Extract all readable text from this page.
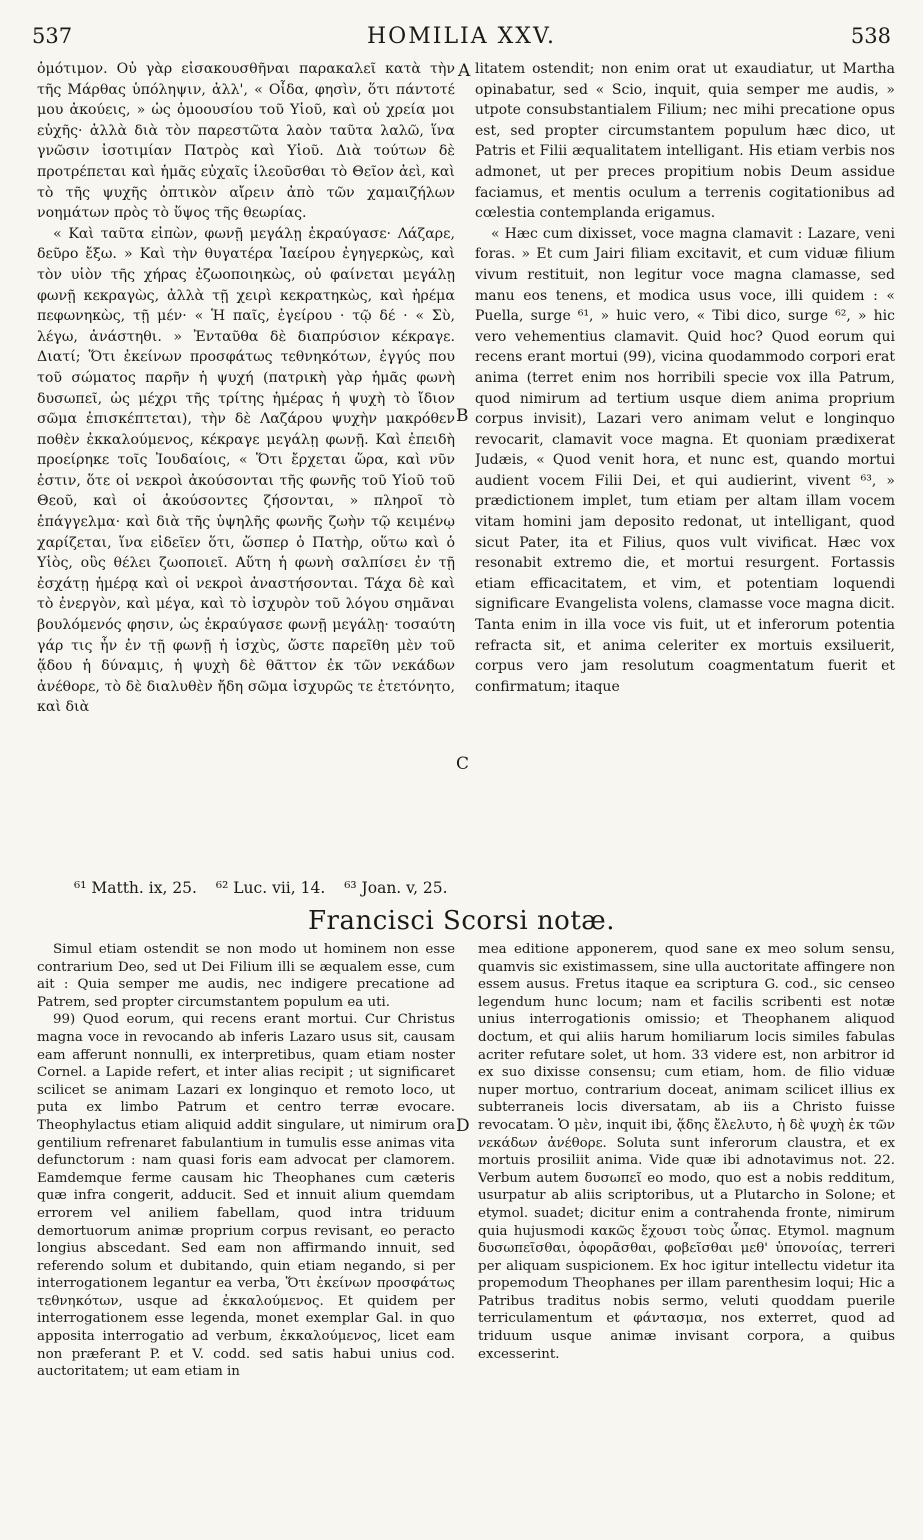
537	HOMILIA XXV.	538

ὁμότιμον. Οὐ γὰρ εἰσακουσθῆναι παρακαλεῖ κατὰ τὴν τῆς Μάρθας ὑπόληψιν, ἀλλ', « Οἶδα, φησὶν, ὅτι πάντοτέ μου ἀκούεις, » ὡς ὁμοουσίου τοῦ Υἱοῦ, καὶ οὐ χρεία μοι εὐχῆς· ἀλλὰ διὰ τὸν παρεστῶτα λαὸν ταῦτα λαλῶ, ἵνα γνῶσιν ἰσοτιμίαν Πατρὸς καὶ Υἱοῦ. Διὰ τούτων δὲ προτρέπεται καὶ ἡμᾶς εὐχαῖς ἱλεοῦσθαι τὸ Θεῖον ἀεὶ, καὶ τὸ τῆς ψυχῆς ὀπτικὸν αἴρειν ἀπὸ τῶν χαμαιζήλων νοημάτων πρὸς τὸ ὕψος τῆς θεωρίας.

« Καὶ ταῦτα εἰπὼν, φωνῇ μεγάλῃ ἐκραύγασε· Λάζαρε, δεῦρο ἔξω. » Καὶ τὴν θυγατέρα Ἰαείρου ἐγηγερκὼς, καὶ τὸν υἱὸν τῆς χήρας ἐζωοποιηκὼς, οὐ φαίνεται μεγάλῃ φωνῇ κεκραγὼς, ἀλλὰ τῇ χειρὶ κεκρατηκὼς, καὶ ἠρέμα πεφωνηκὼς, τῇ μέν· « Ἡ παῖς, ἐγείρου · τῷ δέ · « Σὺ, λέγω, ἀνάστηθι. » Ἐνταῦθα δὲ διαπρύσιον κέκραγε. Διατί; Ὅτι ἐκείνων προσφάτως τεθνηκότων, ἐγγύς που τοῦ σώματος παρῆν ἡ ψυχή (πατρικὴ γὰρ ἡμᾶς φωνὴ δυσωπεῖ, ὡς μέχρι τῆς τρίτης ἡμέρας ἡ ψυχὴ τὸ ἴδιον σῶμα ἐπισκέπτεται), τὴν δὲ Λαζάρου ψυχὴν μακρόθεν ποθὲν ἐκκαλούμενος, κέκραγε μεγάλῃ φωνῇ. Καὶ ἐπειδὴ προείρηκε τοῖς Ἰουδαίοις, « Ὅτι ἔρχεται ὥρα, καὶ νῦν ἐστιν, ὅτε οἱ νεκροὶ ἀκούσονται τῆς φωνῆς τοῦ Υἱοῦ τοῦ Θεοῦ, καὶ οἱ ἀκούσοντες ζήσονται, » πληροῖ τὸ ἐπάγγελμα· καὶ διὰ τῆς ὑψηλῆς φωνῆς ζωὴν τῷ κειμένῳ χαρίζεται, ἵνα εἰδεῖεν ὅτι, ὥσπερ ὁ Πατὴρ, οὕτω καὶ ὁ Υἱὸς, οὓς θέλει ζωοποιεῖ. Αὕτη ἡ φωνὴ σαλπίσει ἐν τῇ ἐσχάτῃ ἡμέρᾳ καὶ οἱ νεκροὶ ἀναστήσονται. Τάχα δὲ καὶ τὸ ἐνεργὸν, καὶ μέγα, καὶ τὸ ἰσχυρὸν τοῦ λόγου σημᾶναι βουλόμενός φησιν, ὡς ἐκραύγασε φωνῇ μεγάλῃ· τοσαύτη γάρ τις ἦν ἐν τῇ φωνῇ ἡ ἰσχὺς, ὥστε παρεῖθη μὲν τοῦ ᾅδου ἡ δύναμις, ἡ ψυχὴ δὲ θᾶττον ἐκ τῶν νεκάδων ἀνέθορε, τὸ δὲ διαλυθὲν ἤδη σῶμα ἰσχυρῶς τε ἐτετόνητο, καὶ διὰ

A
B
C
D

litatem ostendit; non enim orat ut exaudiatur, ut Martha opinabatur, sed « Scio, inquit, quia semper me audis, » utpote consubstantialem Filium; nec mihi precatione opus est, sed propter circumstantem populum hæc dico, ut Patris et Filii æqualitatem intelligant. His etiam verbis nos admonet, ut per preces propitium nobis Deum assidue faciamus, et mentis oculum a terrenis cogitationibus ad cœlestia contemplanda erigamus.

« Hæc cum dixisset, voce magna clamavit : Lazare, veni foras. » Et cum Jairi filiam excitavit, et cum viduæ filium vivum restituit, non legitur voce magna clamasse, sed manu eos tenens, et modica usus voce, illi quidem : « Puella, surge ⁶¹, » huic vero, « Tibi dico, surge ⁶², » hic vero vehementius clamavit. Quid hoc? Quod eorum qui recens erant mortui (99), vicina quodammodo corpori erat anima (terret enim nos horribili specie vox illa Patrum, quod nimirum ad tertium usque diem anima proprium corpus invisit), Lazari vero animam velut e longinquo revocarit, clamavit voce magna. Et quoniam prædixerat Judæis, « Quod venit hora, et nunc est, quando mortui audient vocem Filii Dei, et qui audierint, vivent ⁶³, » prædictionem implet, tum etiam per altam illam vocem vitam homini jam deposito redonat, ut intelligant, quod sicut Pater, ita et Filius, quos vult vivificat. Hæc vox resonabit extremo die, et mortui resurgent. Fortassis etiam efficacitatem, et vim, et potentiam loquendi significare Evangelista volens, clamasse voce magna dicit. Tanta enim in illa voce vis fuit, ut et inferorum potentia refracta sit, et anima celeriter ex mortuis exsiluerit, corpus vero jam resolutum coagmentatum fuerit et confirmatum; itaque

⁶¹ Matth. ix, 25. ⁶² Luc. vii, 14. ⁶³ Joan. v, 25.
Francisci Scorsi notæ.

Simul etiam ostendit se non modo ut hominem non esse contrarium Deo, sed ut Dei Filium illi se æqualem esse, cum ait : Quia semper me audis, nec indigere precatione ad Patrem, sed propter circumstantem populum ea uti.

99) Quod eorum, qui recens erant mortui. Cur Christus magna voce in revocando ab inferis Lazaro usus sit, causam eam afferunt nonnulli, ex interpretibus, quam etiam noster Cornel. a Lapide refert, et inter alias recipit ; ut significaret scilicet se animam Lazari ex longinquo et remoto loco, ut puta ex limbo Patrum et centro terræ evocare. Theophylactus etiam aliquid addit singulare, ut nimirum ora gentilium refrenaret fabulantium in tumulis esse animas vita defunctorum : nam quasi foris eam advocat per clamorem. Eamdemque ferme causam hic Theophanes cum cæteris quæ infra congerit, adducit. Sed et innuit alium quemdam errorem vel aniliem fabellam, quod intra triduum demortuorum animæ proprium corpus revisant, eo peracto longius abscedant. Sed eam non affirmando innuit, sed referendo solum et dubitando, quin etiam negando, si per interrogationem legantur ea verba, Ὅτι ἐκείνων προσφάτως τεθνηκότων, usque ad ἐκκαλούμενος. Et quidem per interrogationem esse legenda, monet exemplar Gal. in quo apposita interrogatio ad verbum, ἐκκαλούμενος, licet eam non præferant P. et V. codd. sed satis habui unius cod. auctoritatem; ut eam etiam in

mea editione apponerem, quod sane ex meo solum sensu, quamvis sic existimassem, sine ulla auctoritate affingere non essem ausus. Fretus itaque ea scriptura G. cod., sic censeo legendum hunc locum; nam et facilis scribenti est notæ unius interrogationis omissio; et Theophanem aliquod doctum, et qui aliis harum homiliarum locis similes fabulas acriter refutare solet, ut hom. 33 videre est, non arbitror id ex suo dixisse consensu; cum etiam, hom. de filio viduæ nuper mortuo, contrarium doceat, animam scilicet illius ex subterraneis locis diversatam, ab iis a Christo fuisse revocatam. Ὁ μὲν, inquit ibi, ᾅδης ἔλελυτο, ἡ δὲ ψυχὴ ἐκ τῶν νεκάδων ἀνέθορε. Soluta sunt inferorum claustra, et ex mortuis prosiliit anima. Vide quæ ibi adnotavimus not. 22. Verbum autem δυσωπεῖ eo modo, quo est a nobis redditum, usurpatur ab aliis scriptoribus, ut a Plutarcho in Solone; et etymol. suadet; dicitur enim a contrahenda fronte, nimirum quia hujusmodi κακῶς ἔχουσι τοὺς ὦπας. Etymol. magnum δυσωπεῖσθαι, ὀφορᾶσθαι, φοβεῖσθαι μεθ' ὑπονοίας, terreri per aliquam suspicionem. Ex hoc igitur intellectu videtur ita propemodum Theophanes per illam parenthesim loqui; Hic a Patribus traditus nobis sermo, veluti quoddam puerile terriculamentum et φάντασμα, nos exterret, quod ad triduum usque animæ invisant corpora, a quibus excesserint.
